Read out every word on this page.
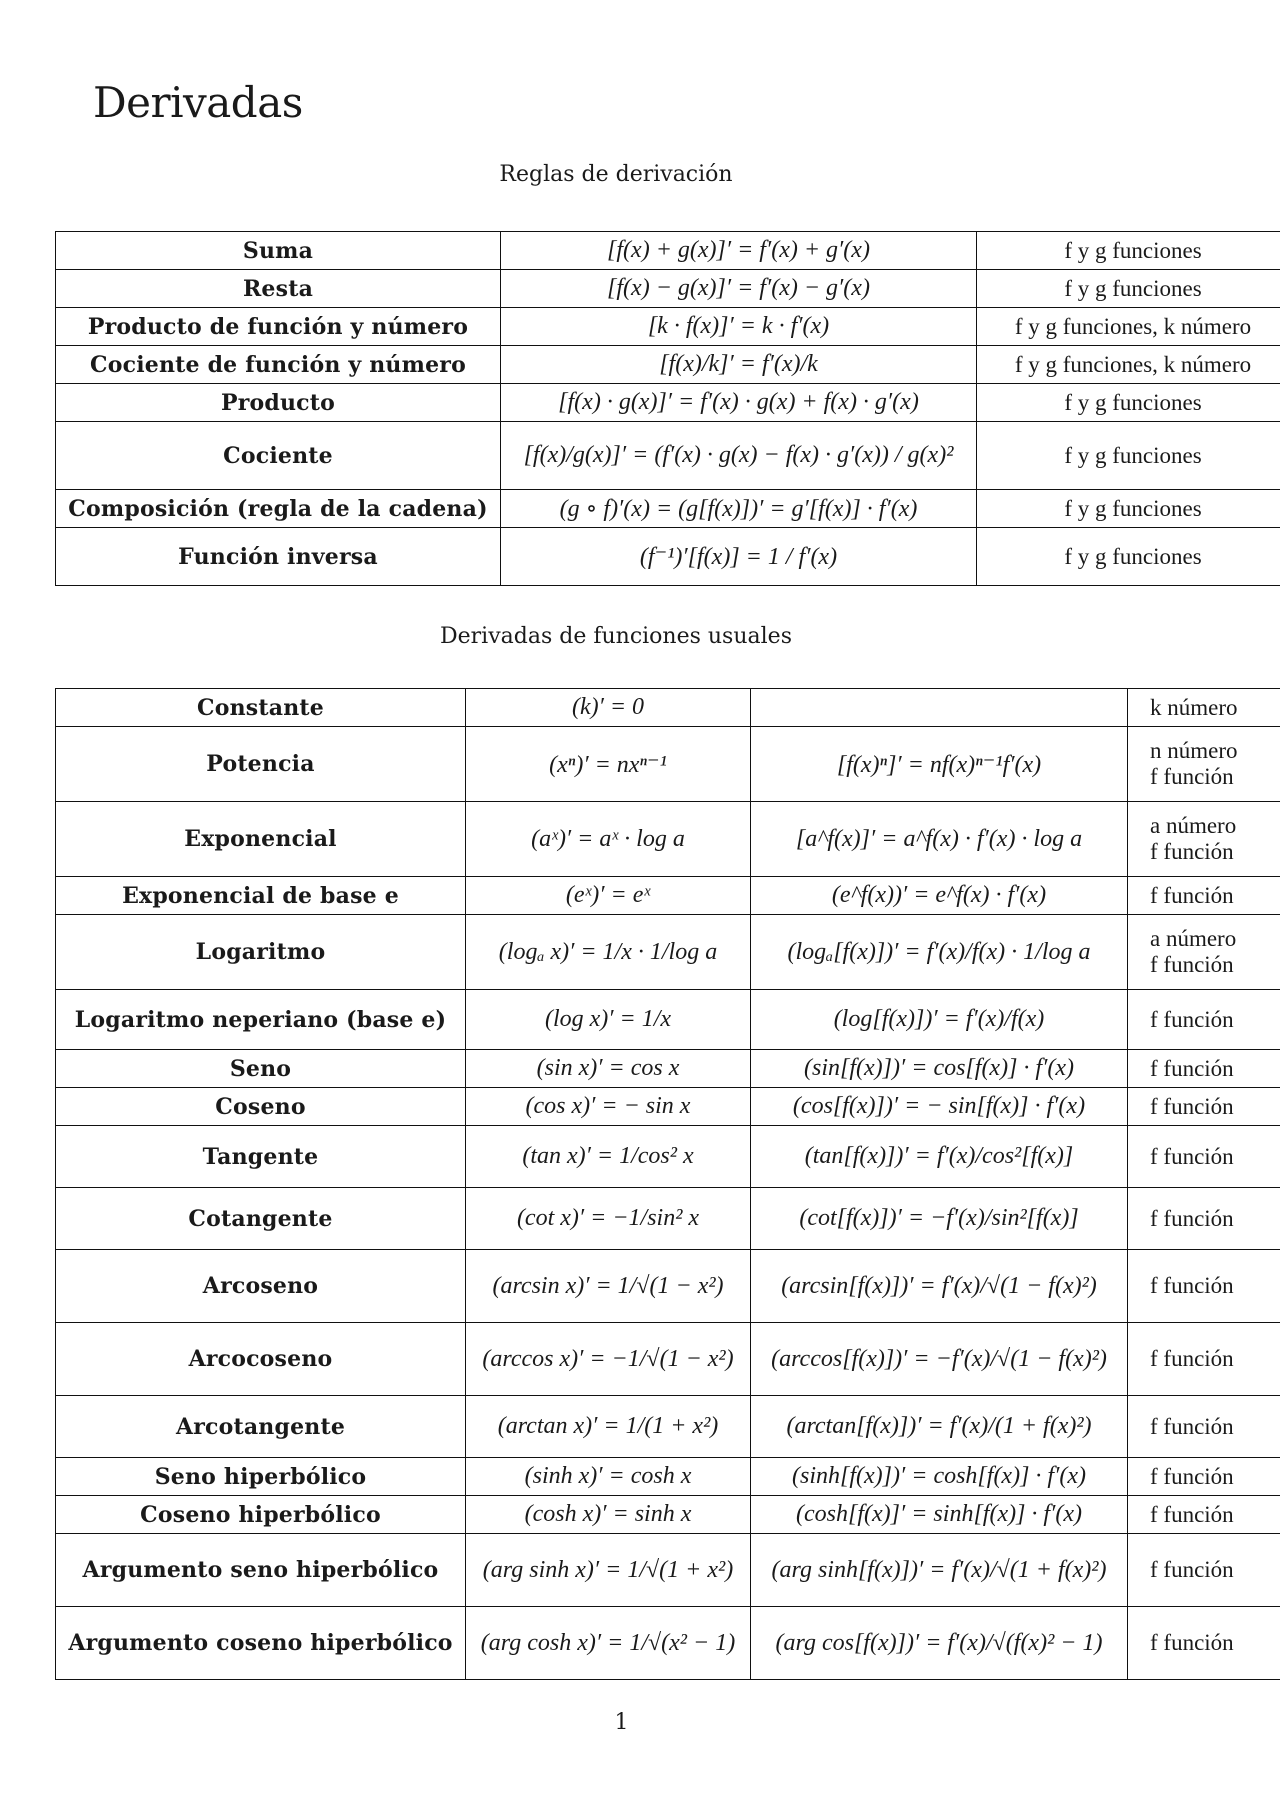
Derivadas
Reglas de derivación
Suma	[f(x) + g(x)]′ = f′(x) + g′(x)	f y g funciones
Resta	[f(x) − g(x)]′ = f′(x) − g′(x)	f y g funciones
Producto de función y número	[k · f(x)]′ = k · f′(x)	f y g funciones, k número
Cociente de función y número	[f(x)/k]′ = f′(x)/k	f y g funciones, k número
Producto	[f(x) · g(x)]′ = f′(x) · g(x) + f(x) · g′(x)	f y g funciones
Cociente	[f(x)/g(x)]′ = (f′(x) · g(x) − f(x) · g′(x)) / g(x)²	f y g funciones
Composición (regla de la cadena)	(g ∘ f)′(x) = (g[f(x)])′ = g′[f(x)] · f′(x)	f y g funciones
Función inversa	(f⁻¹)′[f(x)] = 1 / f′(x)	f y g funciones
Derivadas de funciones usuales
Constante	(k)′ = 0		k número

Potencia	(xⁿ)′ = nxⁿ⁻¹	[f(x)ⁿ]′ = nf(x)ⁿ⁻¹f′(x)	n número
f función

Exponencial	(aˣ)′ = aˣ · log a	[a^f(x)]′ = a^f(x) · f′(x) · log a	a número
f función

Exponencial de base e	(eˣ)′ = eˣ	(e^f(x))′ = e^f(x) · f′(x)	f función

Logaritmo	(logₐ x)′ = 1/x · 1/log a	(logₐ[f(x)])′ = f′(x)/f(x) · 1/log a	a número
f función

Logaritmo neperiano (base e)	(log x)′ = 1/x	(log[f(x)])′ = f′(x)/f(x)	f función

Seno	(sin x)′ = cos x	(sin[f(x)])′ = cos[f(x)] · f′(x)	f función

Coseno	(cos x)′ = − sin x	(cos[f(x)])′ = − sin[f(x)] · f′(x)	f función

Tangente	(tan x)′ = 1/cos² x	(tan[f(x)])′ = f′(x)/cos²[f(x)]	f función

Cotangente	(cot x)′ = −1/sin² x	(cot[f(x)])′ = −f′(x)/sin²[f(x)]	f función

Arcoseno	(arcsin x)′ = 1/√(1 − x²)	(arcsin[f(x)])′ = f′(x)/√(1 − f(x)²)	f función

Arcocoseno	(arccos x)′ = −1/√(1 − x²)	(arccos[f(x)])′ = −f′(x)/√(1 − f(x)²)	f función

Arcotangente	(arctan x)′ = 1/(1 + x²)	(arctan[f(x)])′ = f′(x)/(1 + f(x)²)	f función

Seno hiperbólico	(sinh x)′ = cosh x	(sinh[f(x)])′ = cosh[f(x)] · f′(x)	f función

Coseno hiperbólico	(cosh x)′ = sinh x	(cosh[f(x)]′ = sinh[f(x)] · f′(x)	f función

Argumento seno hiperbólico	(arg sinh x)′ = 1/√(1 + x²)	(arg sinh[f(x)])′ = f′(x)/√(1 + f(x)²)	f función

Argumento coseno hiperbólico	(arg cosh x)′ = 1/√(x² − 1)	(arg cos[f(x)])′ = f′(x)/√(f(x)² − 1)	f función
1
